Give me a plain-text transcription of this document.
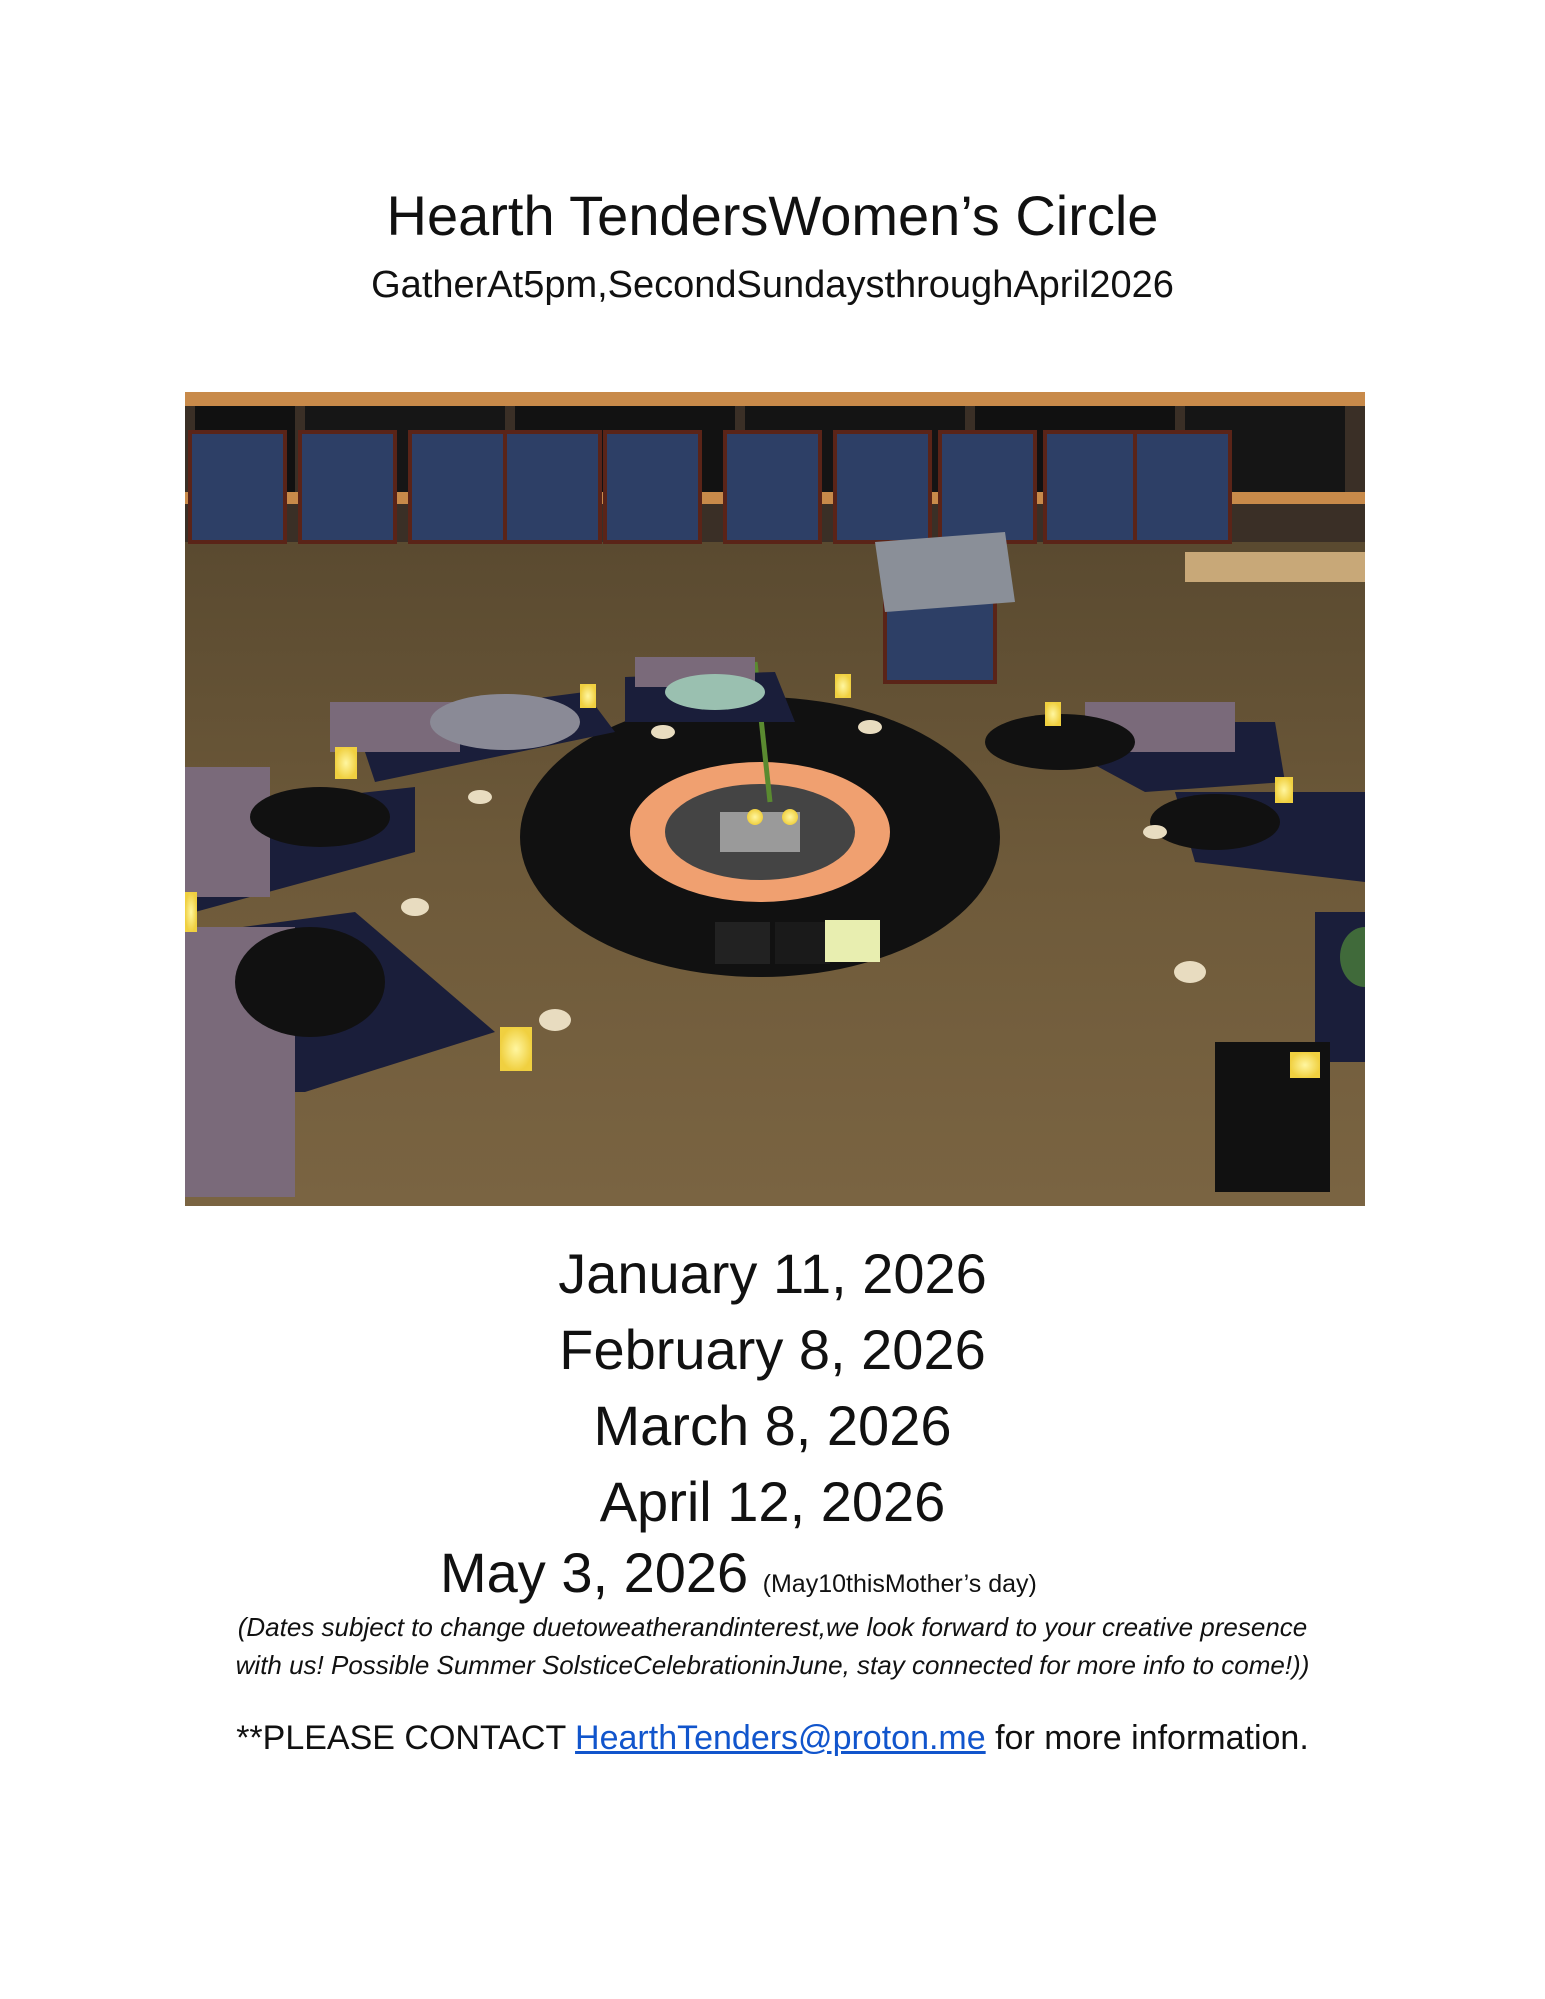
Hearth TendersWomen’s Circle
GatherAt5pm,SecondSundaysthroughApril2026
January 11, 2026
February 8, 2026
March 8, 2026
April 12, 2026
May 3, 2026 (May10thisMother’s day)
(Dates subject to change duetoweatherandinterest,we look forward to your creative presence
with us! Possible Summer SolsticeCelebrationinJune, stay connected for more info to come!))
**PLEASE CONTACT HearthTenders@proton.me for more information.
